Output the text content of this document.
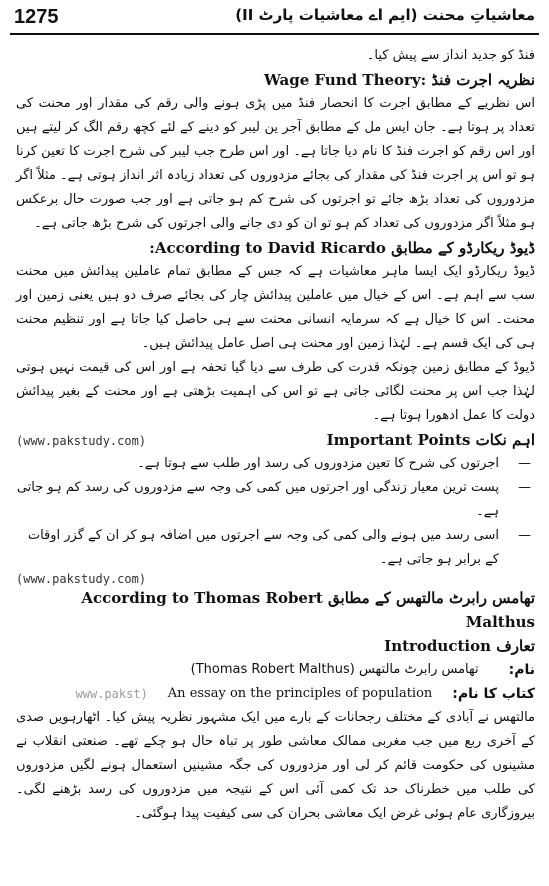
1275	معاشیاتِ محنت (ایم اے معاشیات پارٹ II)

فنڈ کو جدید انداز سے پیش کیا۔

نظریہ اجرت فنڈ :Wage Fund Theory

اس نظریے کے مطابق اجرت کا انحصار فنڈ میں پڑی ہونے والی رقم کی مقدار اور محنت کی تعداد پر ہوتا ہے۔ جان ایس مل کے مطابق آجر ین لیبر کو دینے کے لئے کچھ رقم الگ کر لیتے ہیں اور اس رقم کو اجرت فنڈ کا نام دیا جاتا ہے۔ اور اس طرح جب لیبر کی شرح اجرت کا تعین کرنا ہو تو اس پر اجرت فنڈ کی مقدار کی بجائے مزدوروں کی تعداد زیادہ اثر انداز ہوتی ہے۔ مثلاً اگر مزدوروں کی تعداد بڑھ جائے تو اجرتوں کی شرح کم ہو جاتی ہے اور جب صورت حال برعکس ہو مثلاً اگر مزدوروں کی تعداد کم ہو تو ان کو دی جانے والی اجرتوں کی شرح بڑھ جاتی ہے۔

ڈیوڈ ریکارڈو کے مطابق According to David Ricardo:

ڈیوڈ ریکارڈو ایک ایسا ماہر معاشیات ہے کہ جس کے مطابق تمام عاملین پیدائش میں محنت سب سے اہم ہے۔ اس کے خیال میں عاملین پیدائش چار کی بجائے صرف دو ہیں یعنی زمین اور محنت۔ اس کا خیال ہے کہ سرمایہ انسانی محنت سے ہی حاصل کیا جاتا ہے اور تنظیم محنت ہی کی ایک قسم ہے۔ لہٰذا زمین اور محنت ہی اصل عامل پیدائش ہیں۔

ڈیوڈ کے مطابق زمین چونکہ قدرت کی طرف سے دیا گیا تحفہ ہے اور اس کی قیمت نہیں ہوتی لہٰذا جب اس پر محنت لگائی جاتی ہے تو اس کی اہمیت بڑھتی ہے اور محنت کے بغیر پیدائش دولت کا عمل ادھورا ہوتا ہے۔

اہم نکات Important Points
(www.pakstudy.com)
— اجرتوں کی شرح کا تعین مزدوروں کی رسد اور طلب سے ہوتا ہے۔
— پست ترین معیار زندگی اور اجرتوں میں کمی کی وجہ سے مزدوروں کی رسد کم ہو جاتی ہے۔
— اسی رسد میں ہونے والی کمی کی وجہ سے اجرتوں میں اضافہ ہو کر ان کے گزر اوقات کے برابر ہو جاتی ہے۔
(www.pakstudy.com)
تھامس رابرٹ مالتھس کے مطابق According to Thomas Robert Malthus
تعارف Introduction
نام:
تھامس رابرٹ مالتھس (Thomas Robert Malthus)
کتاب کا نام:
An essay on the principles of population
(www.pakst

مالتھس نے آبادی کے مختلف رجحانات کے بارے میں ایک مشہور نظریہ پیش کیا۔ اٹھارہویں صدی کے آخری ربع میں جب مغربی ممالک معاشی طور پر تباہ حال ہو چکے تھے۔ صنعتی انقلاب نے مشینوں کی حکومت قائم کر لی اور مزدوروں کی جگہ مشینیں استعمال ہونے لگیں مزدوروں کی طلب میں خطرناک حد تک کمی آئی اس کے نتیجہ میں مزدوروں کی رسد بڑھنے لگی۔ بیروزگاری عام ہوئی غرض ایک معاشی بحران کی سی کیفیت پیدا ہوگئی۔
